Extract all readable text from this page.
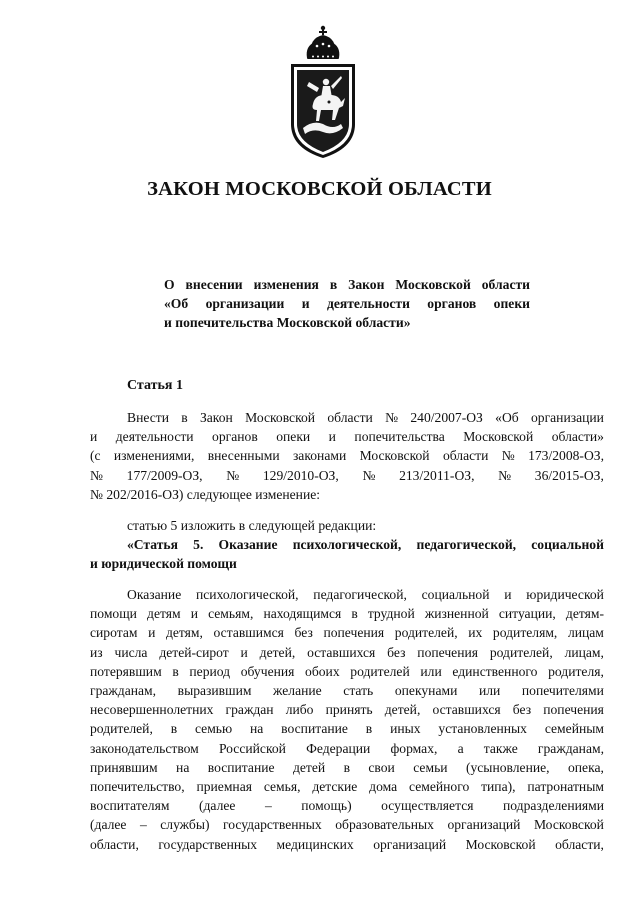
ЗАКОН МОСКОВСКОЙ ОБЛАСТИ
О внесении изменения в Закон Московской области
«Об организации и деятельности органов опеки
и попечительства Московской области»
Статья 1
Внести в Закон Московской области № 240/2007-ОЗ «Об организации
и деятельности органов опеки и попечительства Московской области»
(с изменениями, внесенными законами Московской области № 173/2008-ОЗ,
№ 177/2009-ОЗ, № 129/2010-ОЗ, № 213/2011-ОЗ, № 36/2015-ОЗ,
№ 202/2016-ОЗ) следующее изменение:
статью 5 изложить в следующей редакции:
«Статья 5. Оказание психологической, педагогической, социальной
и юридической помощи
Оказание психологической, педагогической, социальной и юридической
помощи детям и семьям, находящимся в трудной жизненной ситуации, детям-
сиротам и детям, оставшимся без попечения родителей, их родителям, лицам
из числа детей-сирот и детей, оставшихся без попечения родителей, лицам,
потерявшим в период обучения обоих родителей или единственного родителя,
гражданам, выразившим желание стать опекунами или попечителями
несовершеннолетних граждан либо принять детей, оставшихся без попечения
родителей, в семью на воспитание в иных установленных семейным
законодательством Российской Федерации формах, а также гражданам,
принявшим на воспитание детей в свои семьи (усыновление, опека,
попечительство, приемная семья, детские дома семейного типа), патронатным
воспитателям (далее – помощь) осуществляется подразделениями
(далее – службы) государственных образовательных организаций Московской
области, государственных медицинских организаций Московской области,
